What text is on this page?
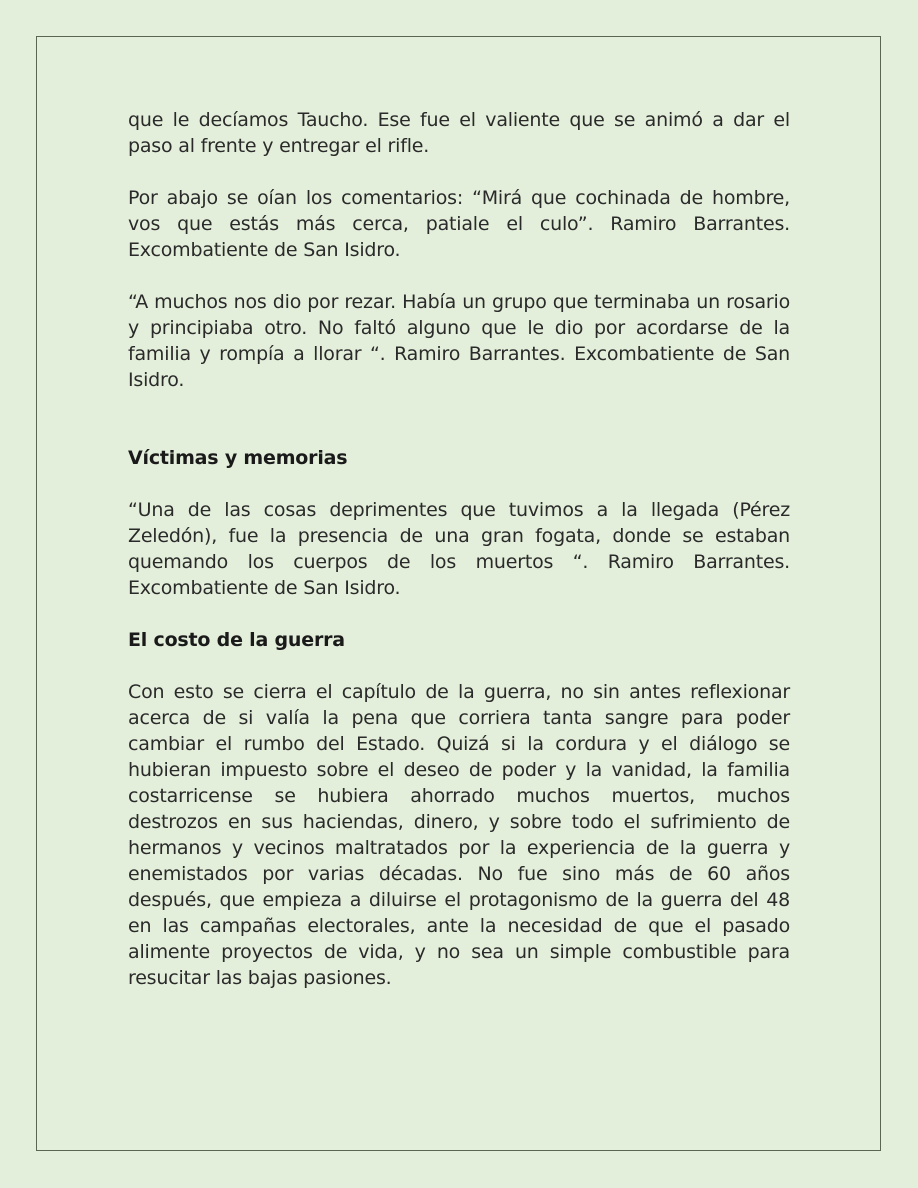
que le decíamos Taucho. Ese fue el valiente que se animó a dar el paso al frente y entregar el rifle.

Por abajo se oían los comentarios: “Mirá que cochinada de hombre, vos que estás más cerca, patiale el culo”. Ramiro Barrantes. Excombatiente de San Isidro.

“A muchos nos dio por rezar. Había un grupo que terminaba un rosario y principiaba otro. No faltó alguno que le dio por acordarse de la familia y rompía a llorar “. Ramiro Barrantes. Excombatiente de San Isidro.

Víctimas y memorias

“Una de las cosas deprimentes que tuvimos a la llegada (Pérez Zeledón), fue la presencia de una gran fogata, donde se estaban quemando los cuerpos de los muertos “. Ramiro Barrantes. Excombatiente de San Isidro.

El costo de la guerra

Con esto se cierra el capítulo de la guerra, no sin antes reflexionar acerca de si valía la pena que corriera tanta sangre para poder cambiar el rumbo del Estado. Quizá si la cordura y el diálogo se hubieran impuesto sobre el deseo de poder y la vanidad, la familia costarricense se hubiera ahorrado muchos muertos, muchos destrozos en sus haciendas, dinero, y sobre todo el sufrimiento de hermanos y vecinos maltratados por la experiencia de la guerra y enemistados por varias décadas. No fue sino más de 60 años después, que empieza a diluirse el protagonismo de la guerra del 48 en las campañas electorales, ante la necesidad de que el pasado alimente proyectos de vida, y no sea un simple combustible para resucitar las bajas pasiones.
